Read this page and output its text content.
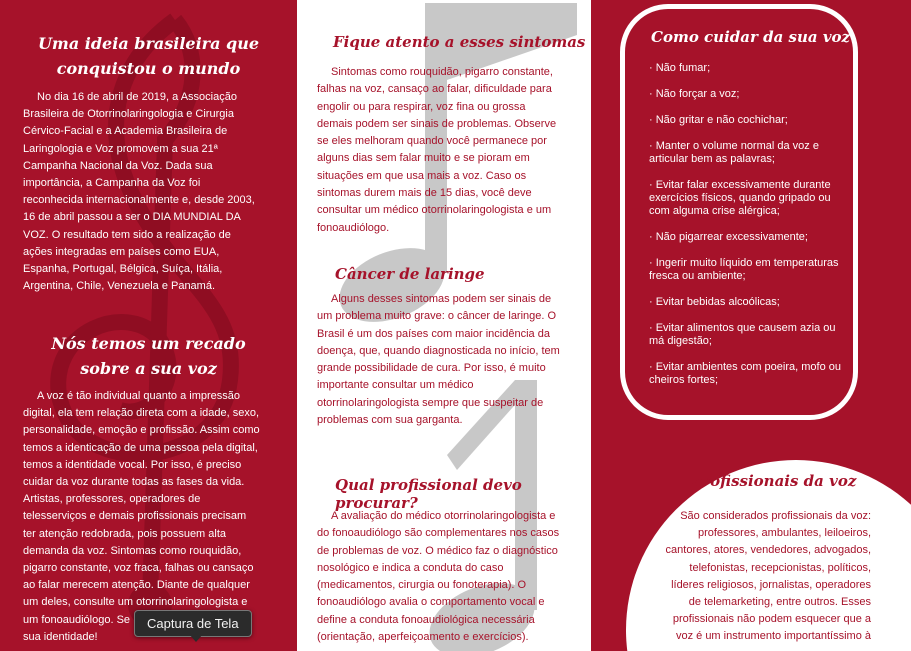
Uma ideia brasileira que
conquistou o mundo

No dia 16 de abril de 2019, a Associação Brasileira de Otorrinolaringologia e Cirurgia Cérvico-Facial e a Academia Brasileira de Laringologia e Voz promovem a sua 21ª Campanha Nacional da Voz. Dada sua importância, a Campanha da Voz foi reconhecida internacionalmente e, desde 2003, 16 de abril passou a ser o DIA MUNDIAL DA VOZ. O resultado tem sido a realização de ações integradas em países como EUA, Espanha, Portugal, Bélgica, Suíça, Itália, Argentina, Chile, Venezuela e Panamá.

Nós temos um recado
sobre a sua voz

A voz é tão individual quanto a impressão digital, ela tem relação direta com a idade, sexo, personalidade, emoção e profissão. Assim como temos a identicação de uma pessoa pela digital, temos a identidade vocal. Por isso, é preciso cuidar da voz durante todas as fases da vida. Artistas, professores, operadores de telesserviços e demais profissionais precisam ter atenção redobrada, pois possuem alta demanda da voz. Sintomas como rouquidão, pigarro constante, voz fraca, falhas ou cansaço ao falar merecem atenção. Diante de qualquer um deles, consulte um otorrinolaringologista e um fonoaudiólogo. Se

sua identidade!

Fique atento a esses sintomas

Sintomas como rouquidão, pigarro constante, falhas na voz, cansaço ao falar, dificuldade para engolir ou para respirar, voz fina ou grossa demais podem ser sinais de problemas. Observe se eles melhoram quando você permanece por alguns dias sem falar muito e se pioram em situações em que usa mais a voz. Caso os sintomas durem mais de 15 dias, você deve consultar um médico otorrinolaringologista e um fonoaudiólogo.

Câncer de laringe

Alguns desses sintomas podem ser sinais de um problema muito grave: o câncer de laringe. O Brasil é um dos países com maior incidência da doença, que, quando diagnosticada no início, tem grande possibilidade de cura. Por isso, é muito importante consultar um médico otorrinolaringologista sempre que suspeitar de problemas com sua garganta.

Qual profissional devo procurar?

A avaliação do médico otorrinolaringologista e do fonoaudiólogo são complementares nos casos de problemas de voz. O médico faz o diagnóstico nosológico e indica a conduta do caso (medicamentos, cirurgia ou fonoterapia). O fonoaudiólogo avalia o comportamento vocal e define a conduta fonoaudiológica necessária (orientação, aperfeiçoamento e exercícios).

Como cuidar da sua voz
· Não fumar;
· Não forçar a voz;
· Não gritar e não cochichar;
· Manter o volume normal da voz e articular bem as palavras;
· Evitar falar excessivamente durante exercícios físicos, quando gripado ou com alguma crise alérgica;
· Não pigarrear excessivamente;
· Ingerir muito líquido em temperaturas fresca ou ambiente;
· Evitar bebidas alcoólicas;
· Evitar alimentos que causem azia ou má digestão;
· Evitar ambientes com poeira, mofo ou cheiros fortes;
Profissionais da voz

São considerados profissionais da voz: professores, ambulantes, leiloeiros, cantores, atores, vendedores, advogados, telefonistas, recepcionistas, políticos, líderes religiosos, jornalistas, operadores de telemarketing, entre outros. Esses profissionais não podem esquecer que a voz é um instrumento importantíssimo à

Captura de Tela
